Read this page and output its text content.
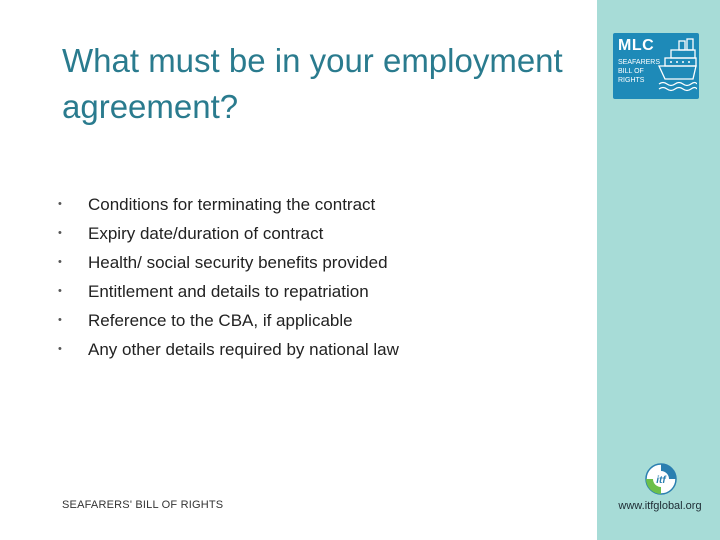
What must be in your employment agreement?
•	Conditions for terminating the contract
•	Expiry date/duration of contract
•	Health/ social security benefits provided
•	Entitlement and details to repatriation
•	Reference to the CBA, if applicable
•	Any other details required by national law
SEAFARERS' BILL OF RIGHTS
MLC
SEAFARERS
BILL OF
RIGHTS
itf
www.itfglobal.org
